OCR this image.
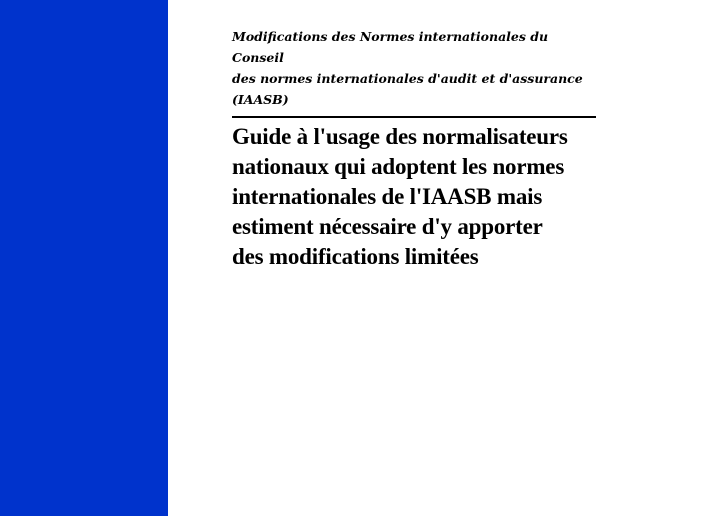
Modifications des Normes internationales du Conseil
des normes internationales d'audit et d'assurance
(IAASB)

Guide à l'usage des normalisateurs
nationaux qui adoptent les normes
internationales de l'IAASB mais
estiment nécessaire d'y apporter
des modifications limitées
